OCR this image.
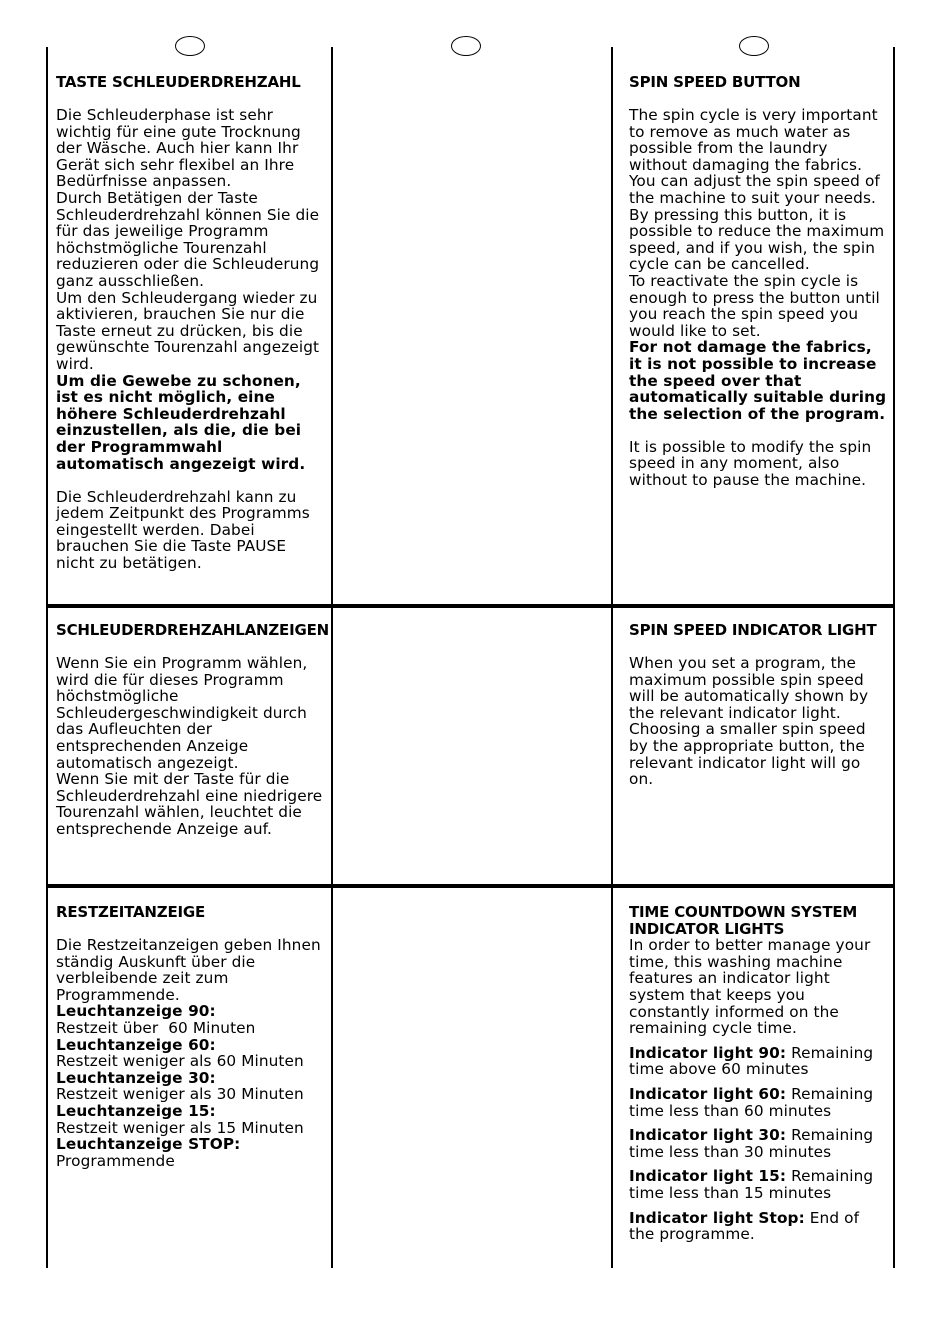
TASTE SCHLEUDERDREHZAHL

Die Schleuderphase ist sehr wichtig für eine gute Trocknung der Wäsche. Auch hier kann Ihr Gerät sich sehr flexibel an Ihre Bedürfnisse anpassen.

Durch Betätigen der Taste Schleuderdrehzahl können Sie die für das jeweilige Programm höchstmögliche Tourenzahl reduzieren oder die Schleuderung ganz ausschließen.

Um den Schleudergang wieder zu aktivieren, brauchen Sie nur die Taste erneut zu drücken, bis die gewünschte Tourenzahl angezeigt wird.

Um die Gewebe zu schonen, ist es nicht möglich, eine höhere Schleuderdrehzahl einzustellen, als die, die bei der Programmwahl automatisch angezeigt wird.

Die Schleuderdrehzahl kann zu jedem Zeitpunkt des Programms eingestellt werden. Dabei brauchen Sie die Taste PAUSE nicht zu betätigen.

SPIN SPEED BUTTON

The spin cycle is very important to remove as much water as possible from the laundry without damaging the fabrics. You can adjust the spin speed of the machine to suit your needs.

By pressing this button, it is possible to reduce the maximum speed, and if you wish, the spin cycle can be cancelled.

To reactivate the spin cycle is enough to press the button until you reach the spin speed you would like to set.

For not damage the fabrics, it is not possible to increase the speed over that automatically suitable during the selection of the program.

It is possible to modify the spin speed in any moment, also without to pause the machine.

SCHLEUDERDREHZAHLANZEIGEN

Wenn Sie ein Programm wählen, wird die für dieses Programm höchstmögliche Schleudergeschwindigkeit durch das Aufleuchten der entsprechenden Anzeige automatisch angezeigt.

Wenn Sie mit der Taste für die Schleuderdrehzahl eine niedrigere Tourenzahl wählen, leuchtet die entsprechende Anzeige auf.

SPIN SPEED INDICATOR LIGHT

When you set a program, the maximum possible spin speed will be automatically shown by the relevant indicator light.

Choosing a smaller spin speed by the appropriate button, the relevant indicator light will go on.

RESTZEITANZEIGE

Die Restzeitanzeigen geben Ihnen ständig Auskunft über die verbleibende zeit zum Programmende.

Leuchtanzeige 90:

Restzeit über  60 Minuten

Leuchtanzeige 60:

Restzeit weniger als 60 Minuten

Leuchtanzeige 30:

Restzeit weniger als 30 Minuten

Leuchtanzeige 15:

Restzeit weniger als 15 Minuten

Leuchtanzeige STOP:

Programmende

TIME COUNTDOWN SYSTEM INDICATOR LIGHTS

In order to better manage your time, this washing machine features an indicator light system that keeps you constantly informed on the remaining cycle time.

Indicator light 90: Remaining time above 60 minutes

Indicator light 60: Remaining time less than 60 minutes

Indicator light 30: Remaining time less than 30 minutes

Indicator light 15: Remaining time less than 15 minutes

Indicator light Stop: End of the programme.
